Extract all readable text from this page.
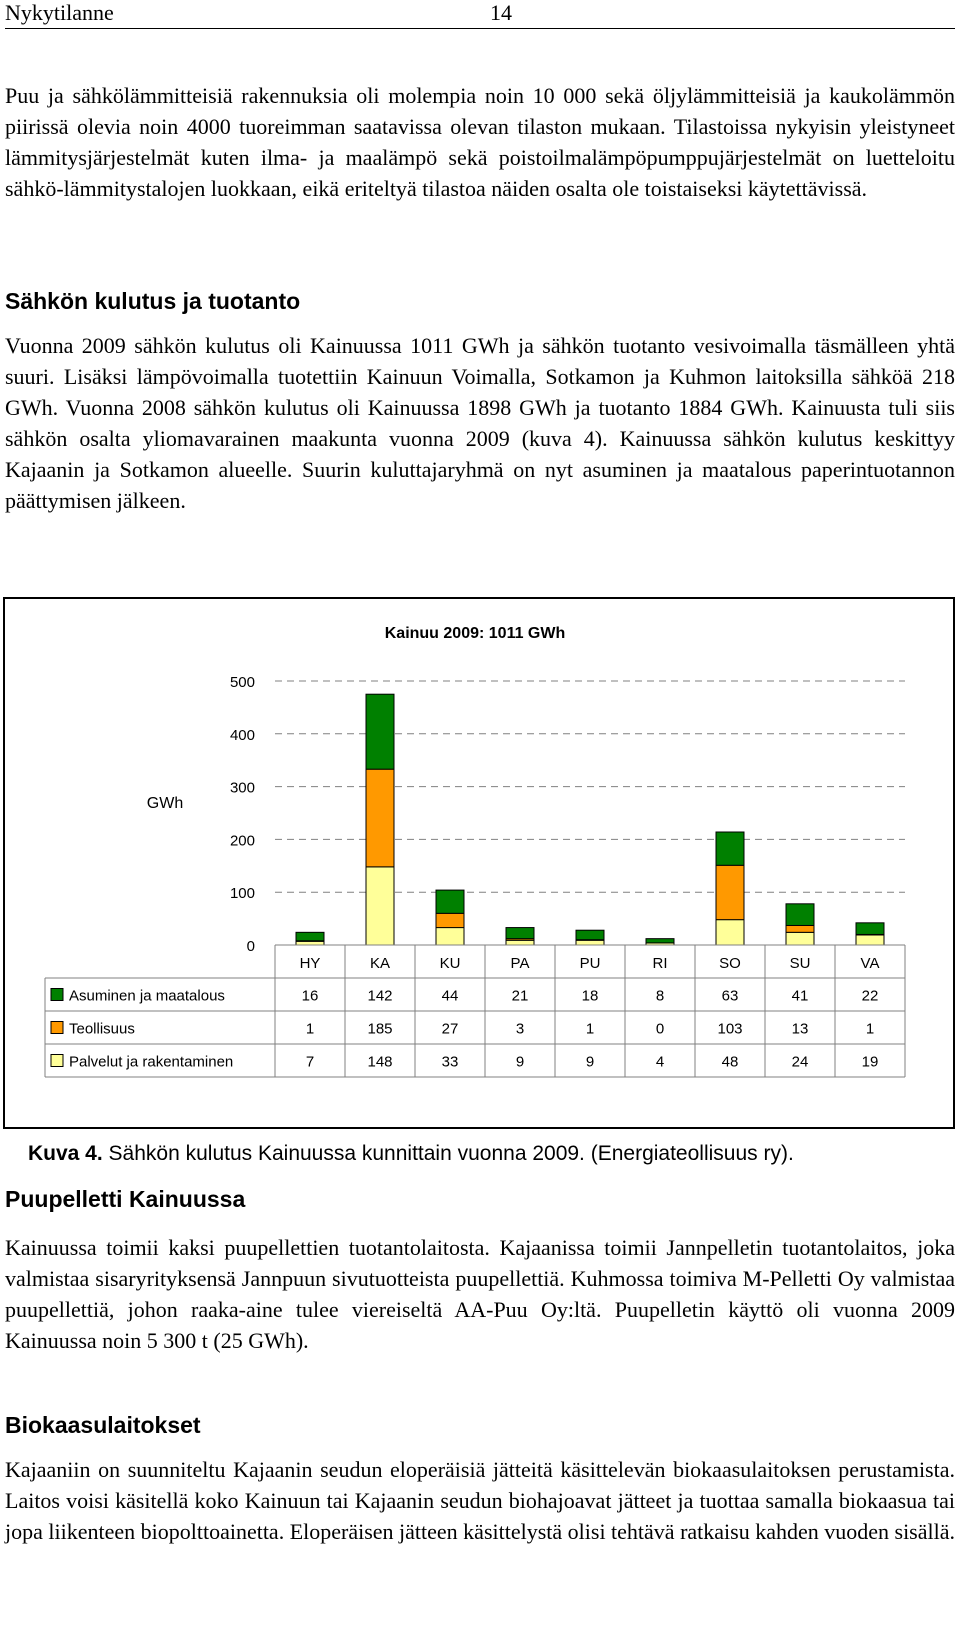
Nykytilanne	14

Puu ja sähkölämmitteisiä rakennuksia oli molempia noin 10 000 sekä öljylämmitteisiä ja kaukolämmön piirissä olevia noin 4000 tuoreimman saatavissa olevan tilaston mukaan. Tilastoissa nykyisin yleistyneet lämmitysjärjestelmät kuten ilma- ja maalämpö sekä poistoilmalämpöpumppujärjestelmät on luetteloitu sähkö-lämmitystalojen luokkaan, eikä eriteltyä tilastoa näiden osalta ole toistaiseksi käytettävissä.

Sähkön kulutus ja tuotanto

Vuonna 2009 sähkön kulutus oli Kainuussa 1011 GWh ja sähkön tuotanto vesivoimalla täsmälleen yhtä suuri. Lisäksi lämpövoimalla tuotettiin Kainuun Voimalla, Sotkamon ja Kuhmon laitoksilla sähköä 218 GWh. Vuonna 2008 sähkön kulutus oli Kainuussa 1898 GWh ja tuotanto 1884 GWh. Kainuusta tuli siis sähkön osalta yliomavarainen maakunta vuonna 2009 (kuva 4). Kainuussa sähkön kulutus keskittyy Kajaanin ja Sotkamon alueelle. Suurin kuluttajaryhmä on nyt asuminen ja maatalous paperintuotannon päättymisen jälkeen.

Kainuu 2009: 1011 GWh
GWh
0
100
200
300
400
500
HY	KA	KU	PA	PU	RI	SO	SU	VA
Asuminen ja maatalous	16	142	44	21	18	8	63	41	22
Teollisuus	1	185	27	3	1	0	103	13	1
Palvelut ja rakentaminen	7	148	33	9	9	4	48	24	19
Kuva 4. Sähkön kulutus Kainuussa kunnittain vuonna 2009. (Energiateollisuus ry).
Puupelletti Kainuussa

Kainuussa toimii kaksi puupellettien tuotantolaitosta. Kajaanissa toimii Jannpelletin tuotantolaitos, joka valmistaa sisaryrityksensä Jannpuun sivutuotteista puupellettiä. Kuhmossa toimiva M-Pelletti Oy valmistaa puupellettiä, johon raaka-aine tulee viereiseltä AA-Puu Oy:ltä. Puupelletin käyttö oli vuonna 2009 Kainuussa noin 5 300 t (25 GWh).

Biokaasulaitokset

Kajaaniin on suunniteltu Kajaanin seudun eloperäisiä jätteitä käsittelevän biokaasulaitoksen perustamista. Laitos voisi käsitellä koko Kainuun tai Kajaanin seudun biohajoavat jätteet ja tuottaa samalla biokaasua tai jopa liikenteen biopolttoainetta. Eloperäisen jätteen käsittelystä olisi tehtävä ratkaisu kahden vuoden sisällä.
